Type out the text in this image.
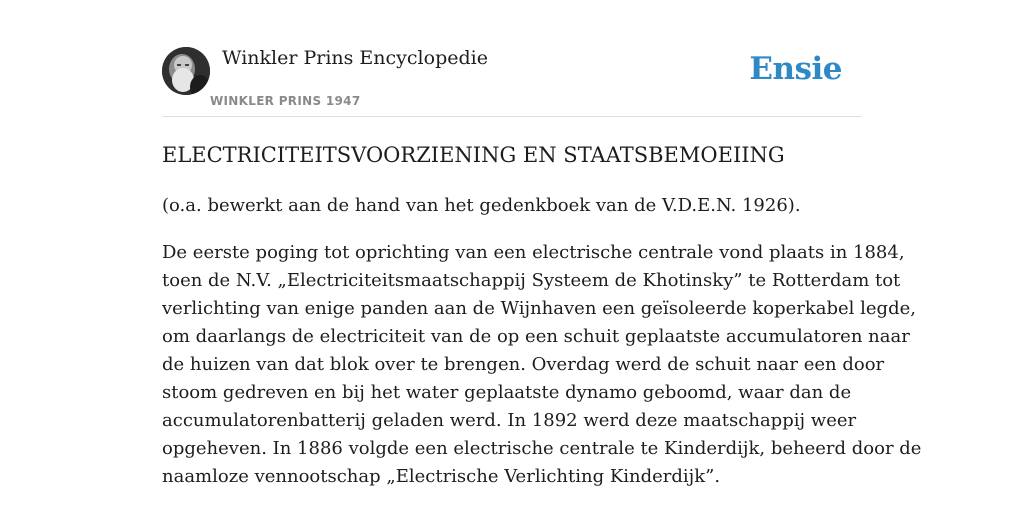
Winkler Prins Encyclopedie
WINKLER PRINS 1947
Ensie
ELECTRICITEITSVOORZIENING EN STAATSBEMOEIING

(o.a. bewerkt aan de hand van het gedenkboek van de V.D.E.N. 1926).

De eerste poging tot oprichting van een electrische centrale vond plaats in 1884,
toen de N.V. „Electriciteitsmaatschappij Systeem de Khotinsky” te Rotterdam tot
verlichting van enige panden aan de Wijnhaven een geïsoleerde koperkabel legde,
om daarlangs de electriciteit van de op een schuit geplaatste accumulatoren naar
de huizen van dat blok over te brengen. Overdag werd de schuit naar een door
stoom gedreven en bij het water geplaatste dynamo geboomd, waar dan de
accumulatorenbatterij geladen werd. In 1892 werd deze maatschappij weer
opgeheven. In 1886 volgde een electrische centrale te Kinderdijk, beheerd door de
naamloze vennootschap „Electrische Verlichting Kinderdijk”.
